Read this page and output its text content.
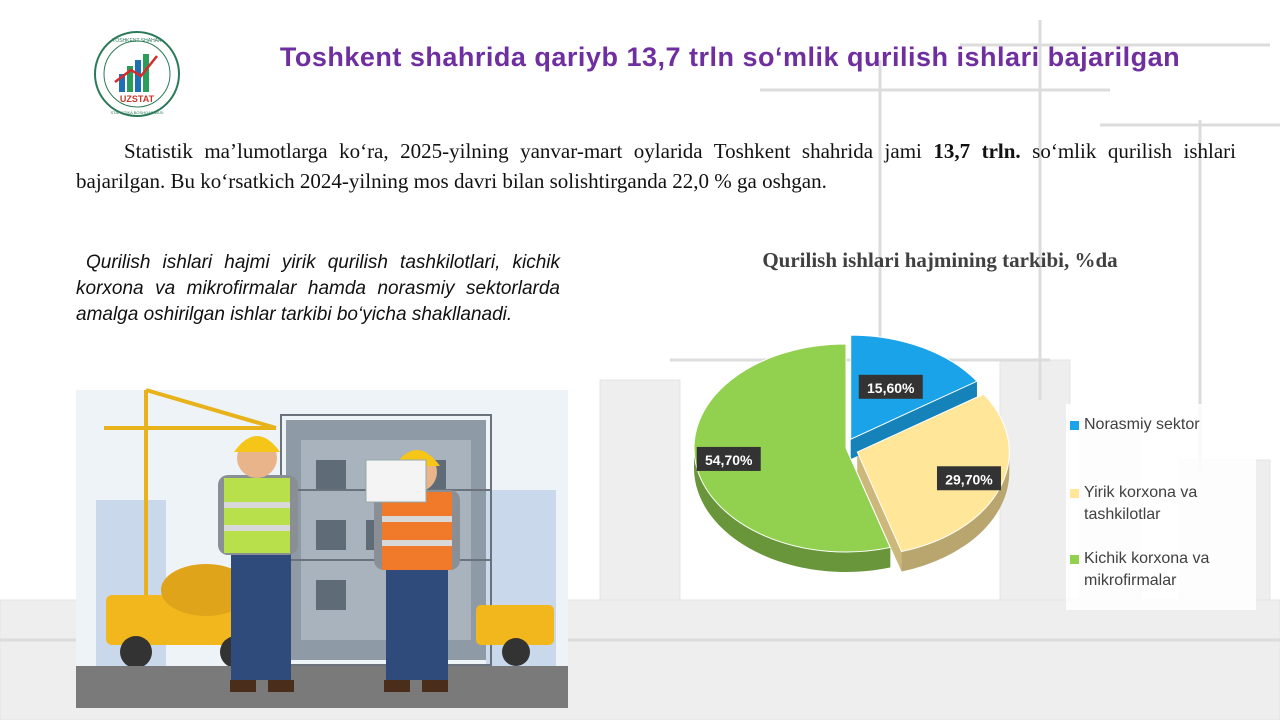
UZSTAT
TOSHKENT SHAHAR
STATISTIKA BOSHQARMASI
Toshkent shahrida qariyb 13,7 trln so‘mlik qurilish ishlari bajarilgan
Statistik ma’lumotlarga ko‘ra, 2025-yilning yanvar-mart oylarida Toshkent shahrida jami 13,7 trln. so‘mlik qurilish ishlari bajarilgan. Bu ko‘rsatkich 2024-yilning mos davri bilan solishtirganda 22,0 % ga oshgan.
Qurilish ishlari hajmi yirik qurilish tashkilotlari, kichik korxona va mikrofirmalar hamda norasmiy sektorlarda amalga oshirilgan ishlar tarkibi bo‘yicha shakllanadi.
Qurilish ishlari hajmining tarkibi, %da
15,60%
29,70%
54,70%
Norasmiy sektor
Yirik korxona va tashkilotlar
Kichik korxona va mikrofirmalar
